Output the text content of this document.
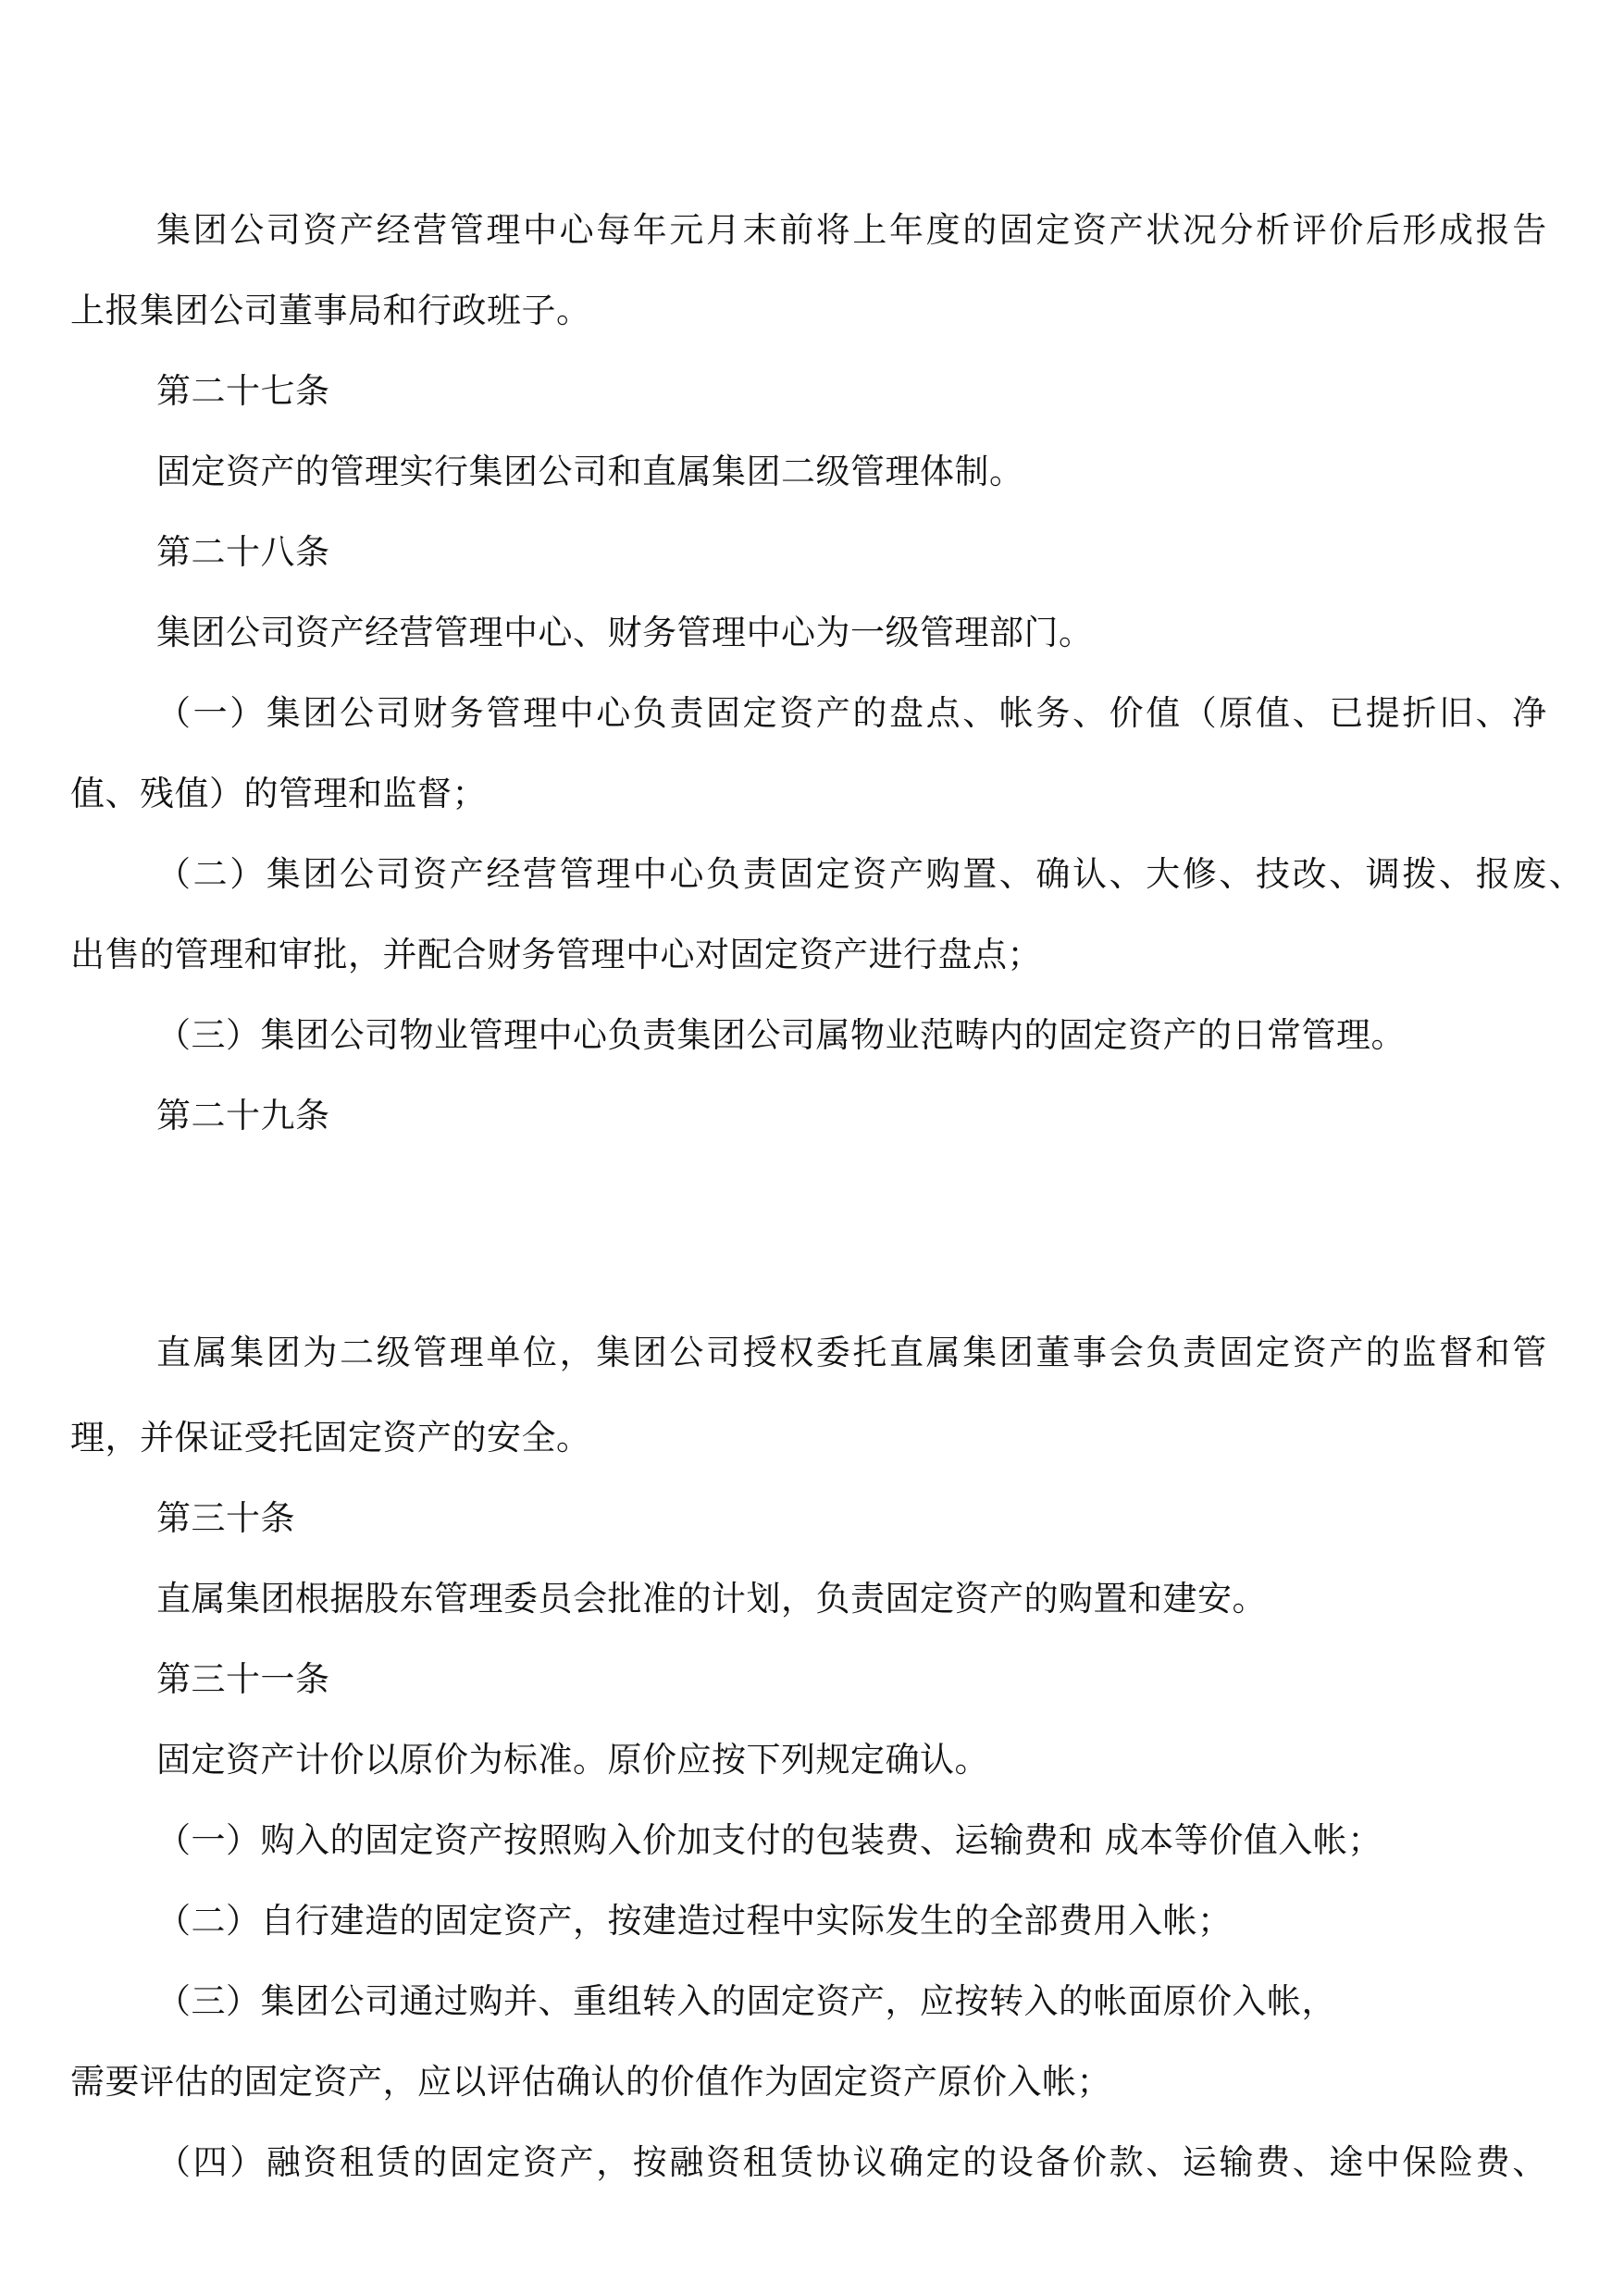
集团公司资产经营管理中心每年元月末前将上年度的固定资产状况分析评价后形成报告
上报集团公司董事局和行政班子。
第二十七条
固定资产的管理实行集团公司和直属集团二级管理体制。
第二十八条
集团公司资产经营管理中心、财务管理中心为一级管理部门。
（一）集团公司财务管理中心负责固定资产的盘点、帐务、价值（原值、已提折旧、净
值、残值）的管理和监督；
（二）集团公司资产经营管理中心负责固定资产购置、确认、大修、技改、调拨、报废、
出售的管理和审批，并配合财务管理中心对固定资产进行盘点；
（三）集团公司物业管理中心负责集团公司属物业范畴内的固定资产的日常管理。
第二十九条
直属集团为二级管理单位，集团公司授权委托直属集团董事会负责固定资产的监督和管
理，并保证受托固定资产的安全。
第三十条
直属集团根据股东管理委员会批准的计划，负责固定资产的购置和建安。
第三十一条
固定资产计价以原价为标准。原价应按下列规定确认。
（一）购入的固定资产按照购入价加支付的包装费、运输费和 成本等价值入帐；
（二）自行建造的固定资产，按建造过程中实际发生的全部费用入帐；
（三）集团公司通过购并、重组转入的固定资产，应按转入的帐面原价入帐，
需要评估的固定资产，应以评估确认的价值作为固定资产原价入帐；
（四）融资租赁的固定资产，按融资租赁协议确定的设备价款、运输费、途中保险费、
